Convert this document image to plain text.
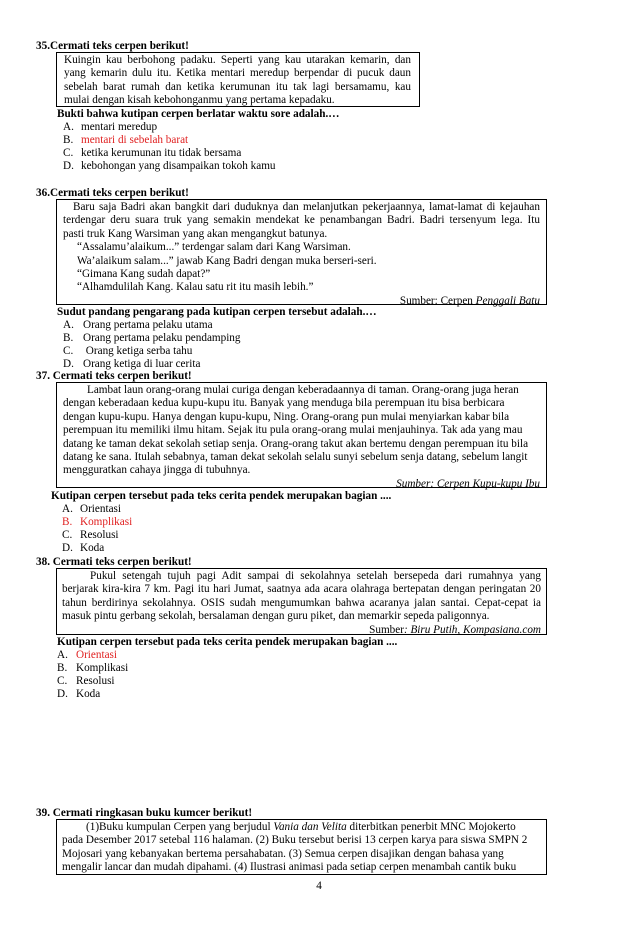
35.Cermati teks cerpen berikut!
Kuingin kau berbohong padaku. Seperti yang kau utarakan kemarin, dan
yang kemarin dulu itu. Ketika mentari meredup berpendar di pucuk daun
sebelah barat rumah dan ketika kerumunan itu tak lagi bersamamu, kau
mulai dengan kisah kebohonganmu yang pertama kepadaku.
Bukti bahwa kutipan cerpen berlatar waktu sore adalah.…
A. mentari meredup
B. mentari di sebelah barat
C. ketika kerumunan itu tidak bersama
D. kebohongan yang disampaikan tokoh kamu
36.Cermati teks cerpen berikut!
Baru saja Badri akan bangkit dari duduknya dan melanjutkan pekerjaannya, lamat-lamat di kejauhan
terdengar deru suara truk yang semakin mendekat ke penambangan Badri. Badri tersenyum lega. Itu
pasti truk Kang Warsiman yang akan mengangkut batunya.
“Assalamu’alaikum...” terdengar salam dari Kang Warsiman.
Wa’alaikum salam...” jawab Kang Badri dengan muka berseri-seri.
“Gimana Kang sudah dapat?”
“Alhamdulilah Kang. Kalau satu rit itu masih lebih.”
Sumber: Cerpen Penggali Batu
Sudut pandang pengarang pada kutipan cerpen tersebut adalah.…
A. Orang pertama pelaku utama
B. Orang pertama pelaku pendamping
C. Orang ketiga serba tahu
D. Orang ketiga di luar cerita
37. Cermati teks cerpen berikut!
Lambat laun orang-orang mulai curiga dengan keberadaannya di taman. Orang-orang juga heran
dengan keberadaan kedua kupu-kupu itu. Banyak yang menduga bila perempuan itu bisa berbicara
dengan kupu-kupu. Hanya dengan kupu-kupu, Ning. Orang-orang pun mulai menyiarkan kabar bila
perempuan itu memiliki ilmu hitam. Sejak itu pula orang-orang mulai menjauhinya. Tak ada yang mau
datang ke taman dekat sekolah setiap senja. Orang-orang takut akan bertemu dengan perempuan itu bila
datang ke sana. Itulah sebabnya, taman dekat sekolah selalu sunyi sebelum senja datang, sebelum langit
mengguratkan cahaya jingga di tubuhnya.
Sumber: Cerpen Kupu-kupu Ibu
Kutipan cerpen tersebut pada teks cerita pendek merupakan bagian ....
A. Orientasi
B. Komplikasi
C. Resolusi
D. Koda
38. Cermati teks cerpen berikut!
Pukul setengah tujuh pagi Adit sampai di sekolahnya setelah bersepeda dari rumahnya yang
berjarak kira-kira 7 km. Pagi itu hari Jumat, saatnya ada acara olahraga bertepatan dengan peringatan 20
tahun berdirinya sekolahnya. OSIS sudah mengumumkan bahwa acaranya jalan santai. Cepat-cepat ia
masuk pintu gerbang sekolah, bersalaman dengan guru piket, dan memarkir sepeda paligonnya.
Sumber: Biru Putih, Kompasiana.com
Kutipan cerpen tersebut pada teks cerita pendek merupakan bagian ....
A. Orientasi
B. Komplikasi
C. Resolusi
D. Koda
39. Cermati ringkasan buku kumcer berikut!
(1)Buku kumpulan Cerpen yang berjudul Vania dan Velita diterbitkan penerbit MNC Mojokerto
pada Desember 2017 setebal 116 halaman. (2) Buku tersebut berisi 13 cerpen karya para siswa SMPN 2
Mojosari yang kebanyakan bertema persahabatan. (3) Semua cerpen disajikan dengan bahasa yang
mengalir lancar dan mudah dipahami. (4) Ilustrasi animasi pada setiap cerpen menambah cantik buku
4
